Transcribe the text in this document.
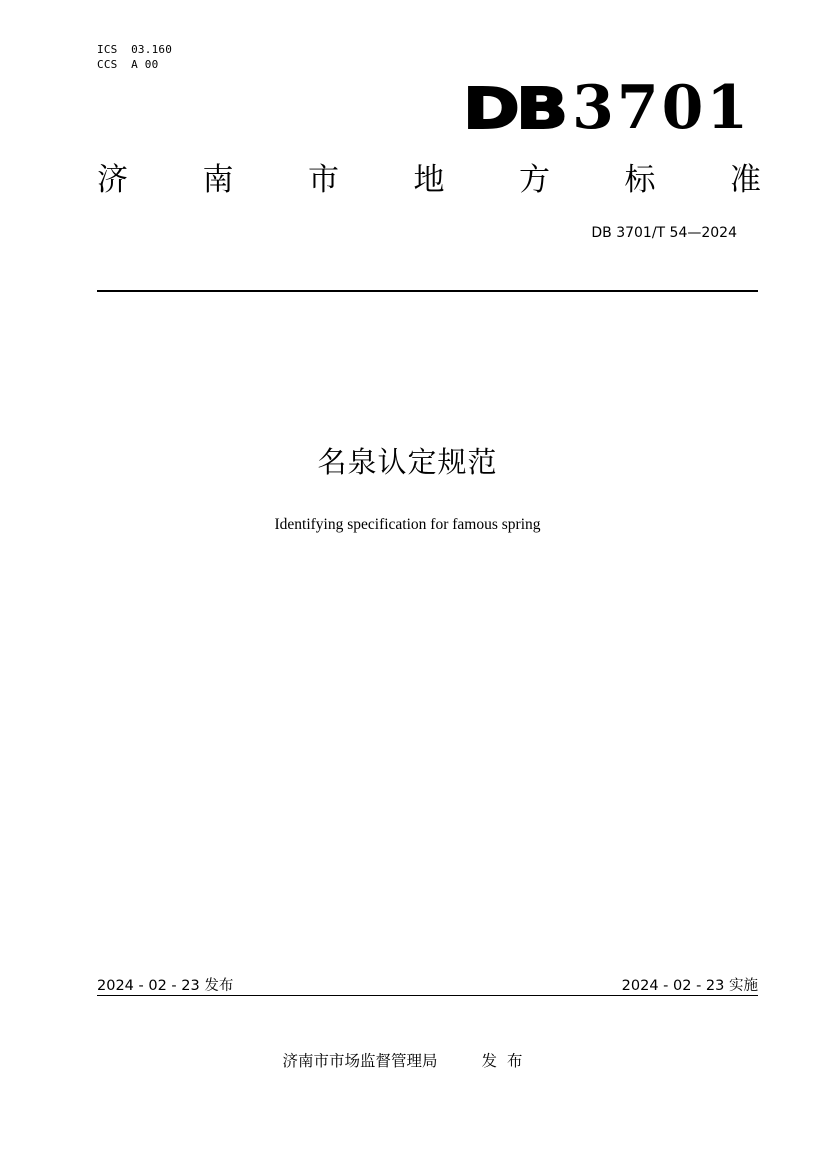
ICS  03.160
CCS  A 00
DB 3701
济 南 市 地 方 标 准
DB 3701/T 54—2024
名泉认定规范
Identifying specification for famous spring
2024 - 02 - 23 发布	2024 - 02 - 23 实施
济南市市场监督管理局	发布
